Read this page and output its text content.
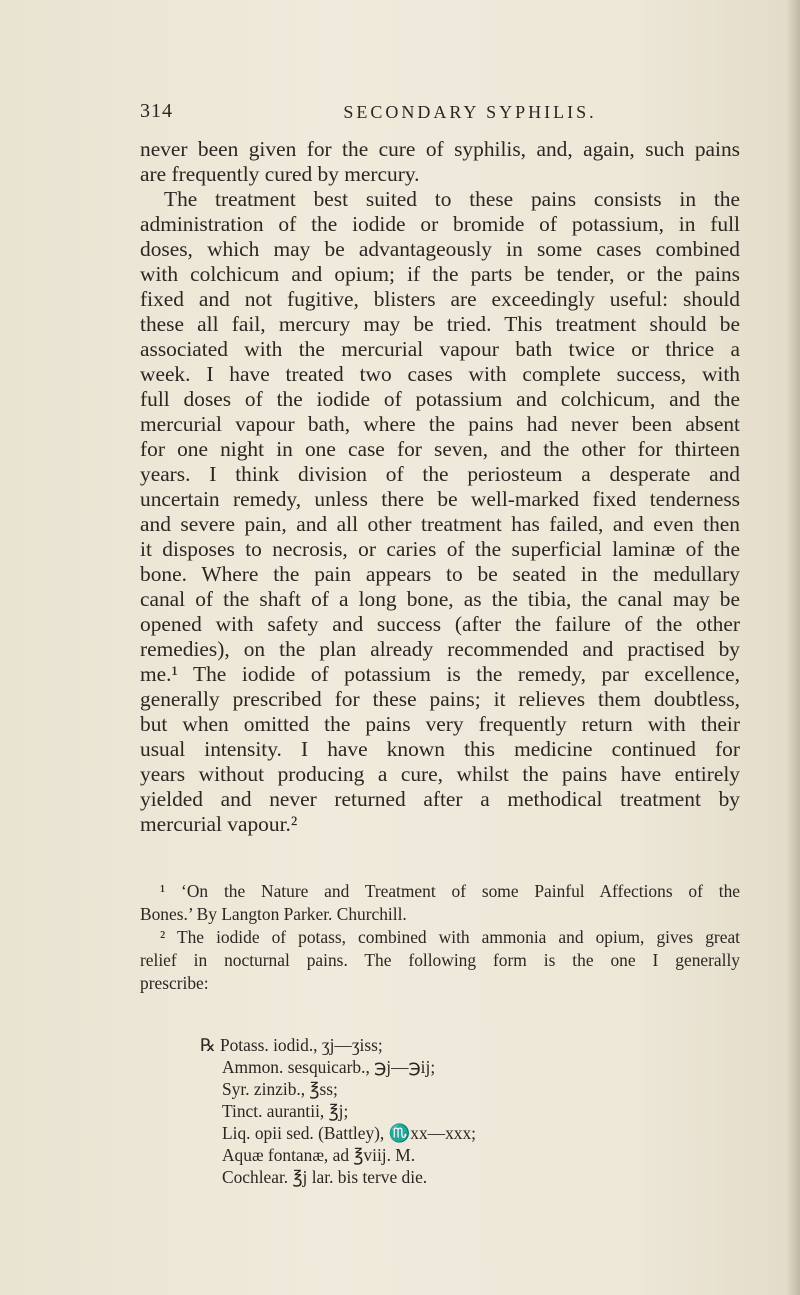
314	SECONDARY SYPHILIS.
never been given for the cure of syphilis, and, again, such pains
are frequently cured by mercury.
The treatment best suited to these pains consists in the
administration of the iodide or bromide of potassium, in full
doses, which may be advantageously in some cases combined
with colchicum and opium; if the parts be tender, or the pains
fixed and not fugitive, blisters are exceedingly useful: should
these all fail, mercury may be tried. This treatment should be
associated with the mercurial vapour bath twice or thrice a
week. I have treated two cases with complete success, with
full doses of the iodide of potassium and colchicum, and the
mercurial vapour bath, where the pains had never been absent
for one night in one case for seven, and the other for thirteen
years. I think division of the periosteum a desperate and
uncertain remedy, unless there be well-marked fixed tenderness
and severe pain, and all other treatment has failed, and even then
it disposes to necrosis, or caries of the superficial laminæ of the
bone. Where the pain appears to be seated in the medullary
canal of the shaft of a long bone, as the tibia, the canal may be
opened with safety and success (after the failure of the other
remedies), on the plan already recommended and practised by
me.¹ The iodide of potassium is the remedy, par excellence,
generally prescribed for these pains; it relieves them doubtless,
but when omitted the pains very frequently return with their
usual intensity. I have known this medicine continued for
years without producing a cure, whilst the pains have entirely
yielded and never returned after a methodical treatment by
mercurial vapour.²
¹ ‘On the Nature and Treatment of some Painful Affections of the
Bones.’ By Langton Parker. Churchill.
² The iodide of potass, combined with ammonia and opium, gives great
relief in nocturnal pains. The following form is the one I generally
prescribe:
℞ Potass. iodid., ʒj—ʒiss;
Ammon. sesquicarb., ℈j—℈ij;
Syr. zinzib., ℥ss;
Tinct. aurantii, ℥j;
Liq. opii sed. (Battley), ♏xx—xxx;
Aquæ fontanæ, ad ℥viij. M.
Cochlear. ℥j lar. bis terve die.
